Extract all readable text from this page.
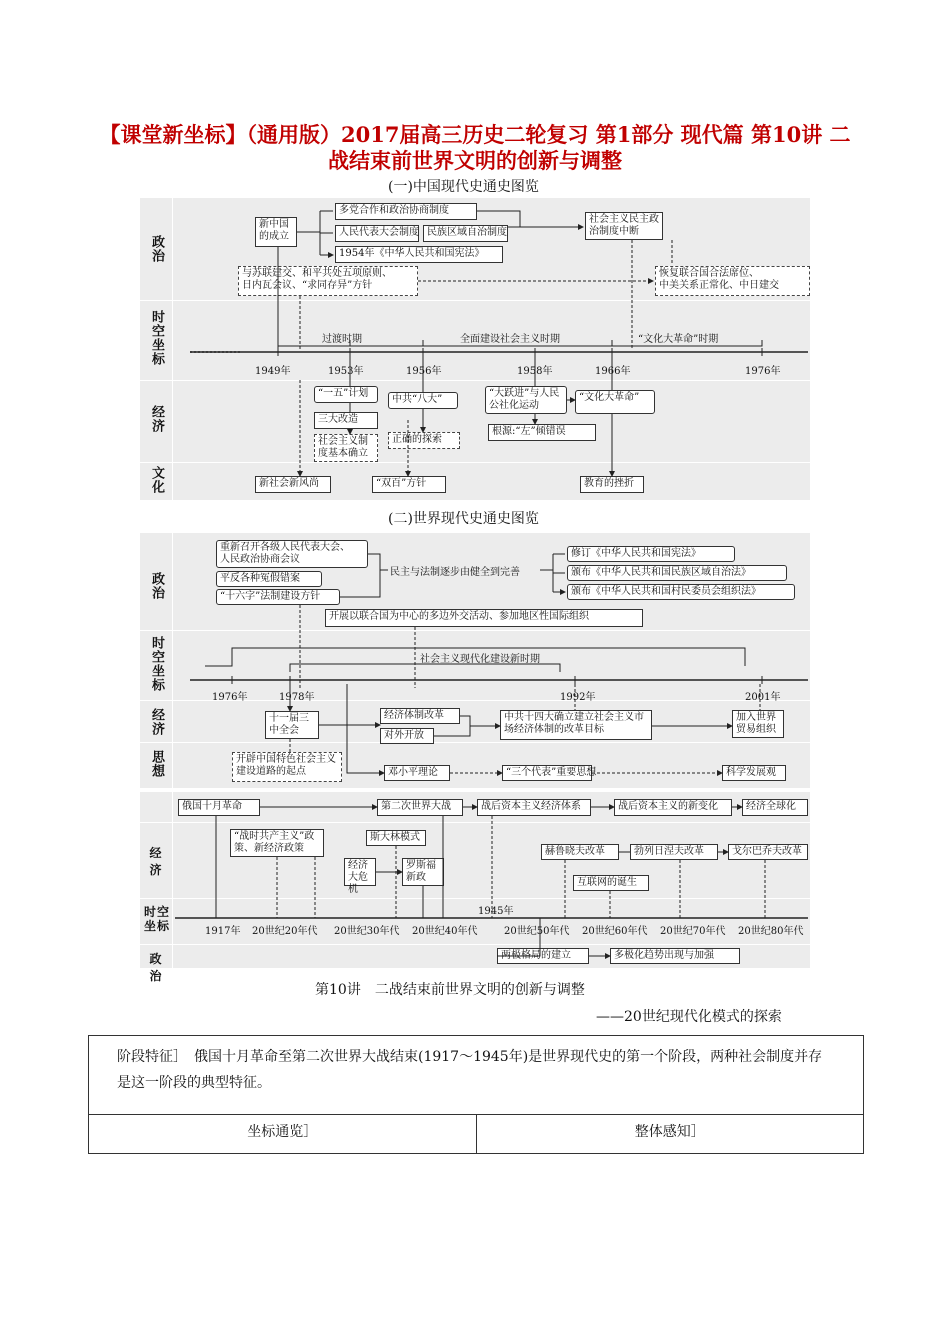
【课堂新坐标】（通用版）2017届高三历史二轮复习 第1部分 现代篇 第10讲 二战结束前世界文明的创新与调整
(一)中国现代史通史图览
政治
时空坐标
经济
文化
新中国的成立
多党合作和政治协商制度
人民代表大会制度 民族区域自治制度
1954年《中华人民共和国宪法》
社会主义民主政治制度中断
与苏联建交、和平共处五项原则、
日内瓦会议、“求同存异”方针
恢复联合国合法席位、
中美关系正常化、中日建交
过渡时期	全面建设社会主义时期	“文化大革命”时期
1949年	1953年	1956年	1958年	1966年	1976年
“一五”计划
三大改造
社会主义制度基本确立
中共“八大”
正确的探索
“大跃进”与人民公社化运动
根源:“左”倾错误
“文化大革命”
新社会新风尚	“双百”方针	教育的挫折
(二)世界现代史通史图览
政治
时空坐标
经济
思想
重新召开各级人民代表大会、
人民政治协商会议
平反各种冤假错案
“十六字”法制建设方针
民主与法制逐步由健全到完善
修订《中华人民共和国宪法》
颁布《中华人民共和国民族区域自治法》
颁布《中华人民共和国村民委员会组织法》
开展以联合国为中心的多边外交活动、参加地区性国际组织
社会主义现代化建设新时期
1976年	1978年	1992年	2001年
十一届三中全会
经济体制改革
对外开放
中共十四大确立建立社会主义市场经济体制的改革目标
加入世界贸易组织
开辟中国特色社会主义建设道路的起点	邓小平理论	“三个代表”重要思想	科学发展观
经济
时空坐标
政治
俄国十月革命	第二次世界大战	战后资本主义经济体系	战后资本主义的新变化	经济全球化
“战时共产主义”政策、新经济政策
斯大林模式
经济大危机
罗斯福新政
赫鲁晓夫改革	勃列日涅夫改革	戈尔巴乔夫改革
互联网的诞生
1917年 20世纪20年代 20世纪30年代 20世纪40年代
1945年
20世纪50年代 20世纪60年代 20世纪70年代 20世纪80年代
两极格局的建立	多极化趋势出现与加强
第10讲　二战结束前世界文明的创新与调整
——20世纪现代化模式的探索
阶段特征］　俄国十月革命至第二次世界大战结束(1917～1945年)是世界现代史的第一个阶段，两种社会制度并存是这一阶段的典型特征。
坐标通览］	整体感知］
